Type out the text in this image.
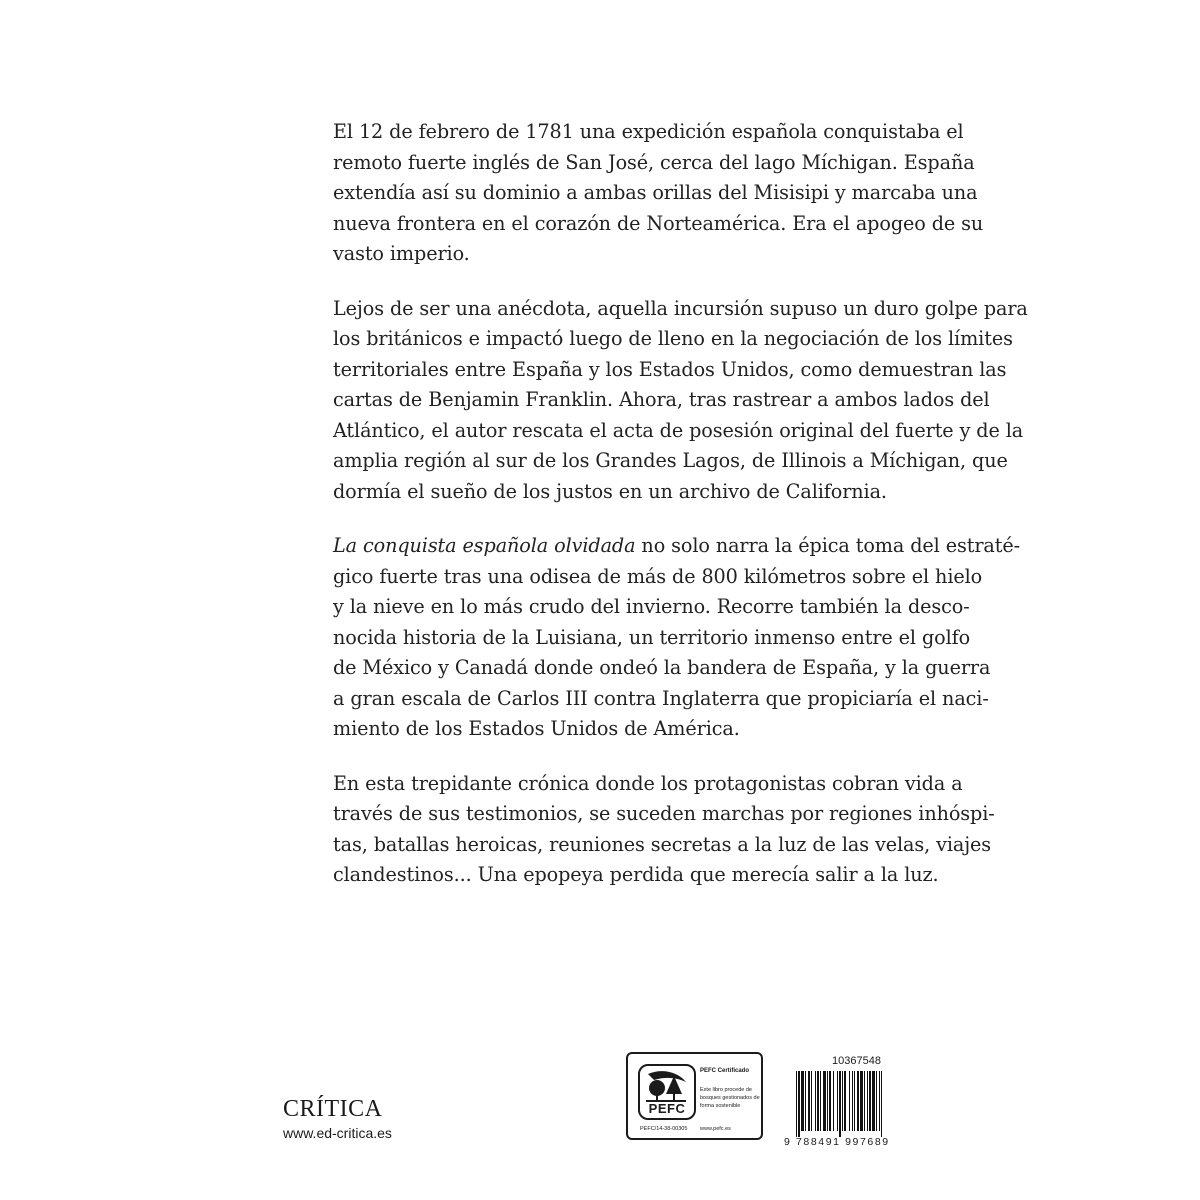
El 12 de febrero de 1781 una expedición española conquistaba el
remoto fuerte inglés de San José, cerca del lago Míchigan. España
extendía así su dominio a ambas orillas del Misisipi y marcaba una
nueva frontera en el corazón de Norteamérica. Era el apogeo de su
vasto imperio.

Lejos de ser una anécdota, aquella incursión supuso un duro golpe para
los británicos e impactó luego de lleno en la negociación de los límites
territoriales entre España y los Estados Unidos, como demuestran las
cartas de Benjamin Franklin. Ahora, tras rastrear a ambos lados del
Atlántico, el autor rescata el acta de posesión original del fuerte y de la
amplia región al sur de los Grandes Lagos, de Illinois a Míchigan, que
dormía el sueño de los justos en un archivo de California.

La conquista española olvidada no solo narra la épica toma del estraté-
gico fuerte tras una odisea de más de 800 kilómetros sobre el hielo
y la nieve en lo más crudo del invierno. Recorre también la desco-
nocida historia de la Luisiana, un territorio inmenso entre el golfo
de México y Canadá donde ondeó la bandera de España, y la guerra
a gran escala de Carlos III contra Inglaterra que propiciaría el naci-
miento de los Estados Unidos de América.

En esta trepidante crónica donde los protagonistas cobran vida a
través de sus testimonios, se suceden marchas por regiones inhóspi-
tas, batallas heroicas, reuniones secretas a la luz de las velas, viajes
clandestinos... Una epopeya perdida que merecía salir a la luz.

CRÍTICA
www.ed-critica.es
PEFC
PEFC Certificado
Este libro procede de bosques gestionados de forma sostenible
PEFC/14-38-00305 www.pefc.es
10367548
9 788491 997689
